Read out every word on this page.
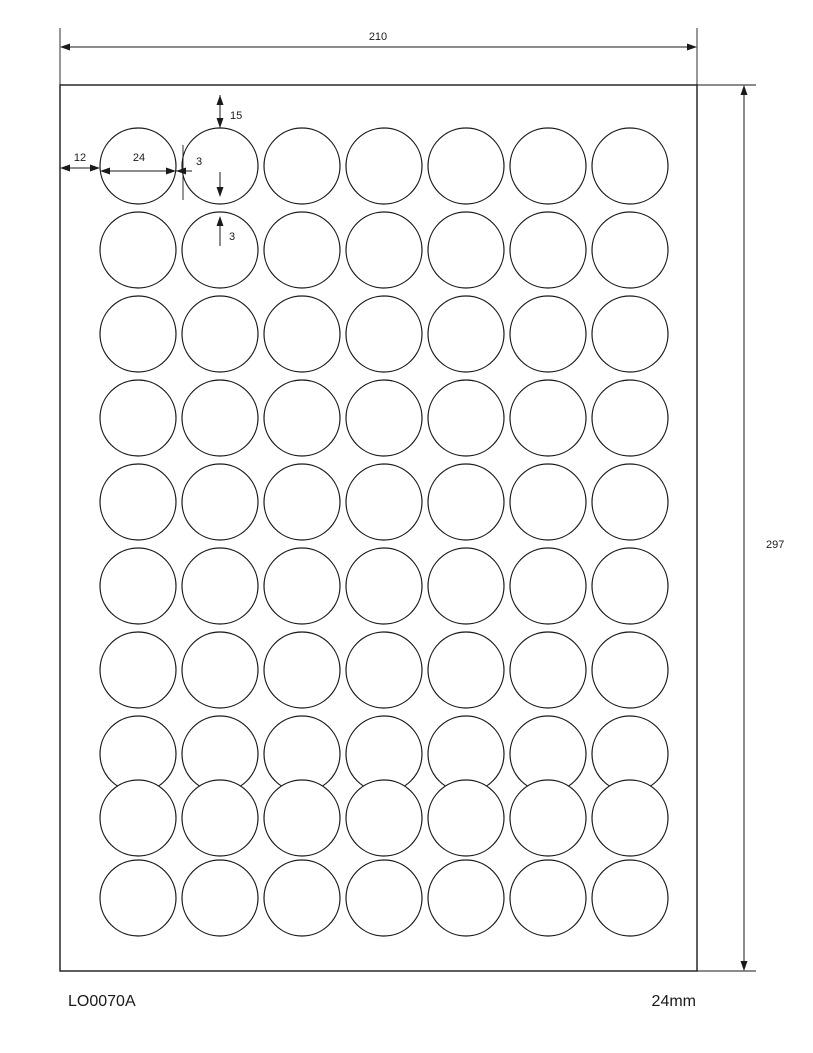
210
297
15
12	24	3
3
LO0070A	24mm
